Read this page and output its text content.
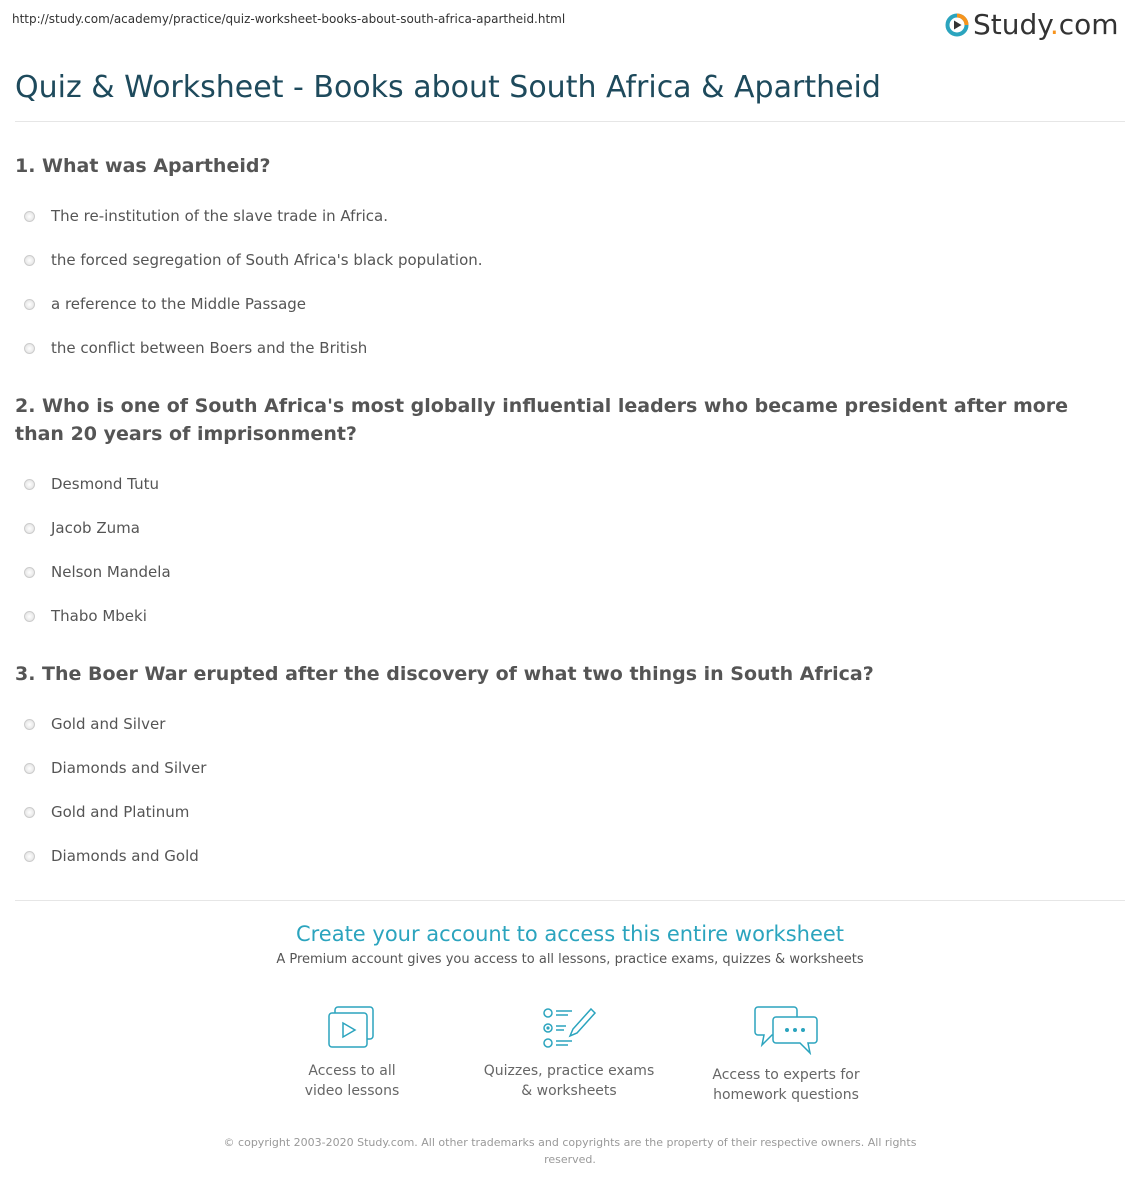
http://study.com/academy/practice/quiz-worksheet-books-about-south-africa-apartheid.html	Study.com
Quiz & Worksheet - Books about South Africa & Apartheid
1. What was Apartheid?
The re-institution of the slave trade in Africa.
the forced segregation of South Africa's black population.
a reference to the Middle Passage
the conflict between Boers and the British
2. Who is one of South Africa's most globally influential leaders who became president after more than 20 years of imprisonment?
Desmond Tutu
Jacob Zuma
Nelson Mandela
Thabo Mbeki
3. The Boer War erupted after the discovery of what two things in South Africa?
Gold and Silver
Diamonds and Silver
Gold and Platinum
Diamonds and Gold
Create your account to access this entire worksheet
A Premium account gives you access to all lessons, practice exams, quizzes & worksheets
Access to all
video lessons
Quizzes, practice exams
& worksheets
Access to experts for
homework questions
© copyright 2003-2020 Study.com. All other trademarks and copyrights are the property of their respective owners. All rights reserved.
